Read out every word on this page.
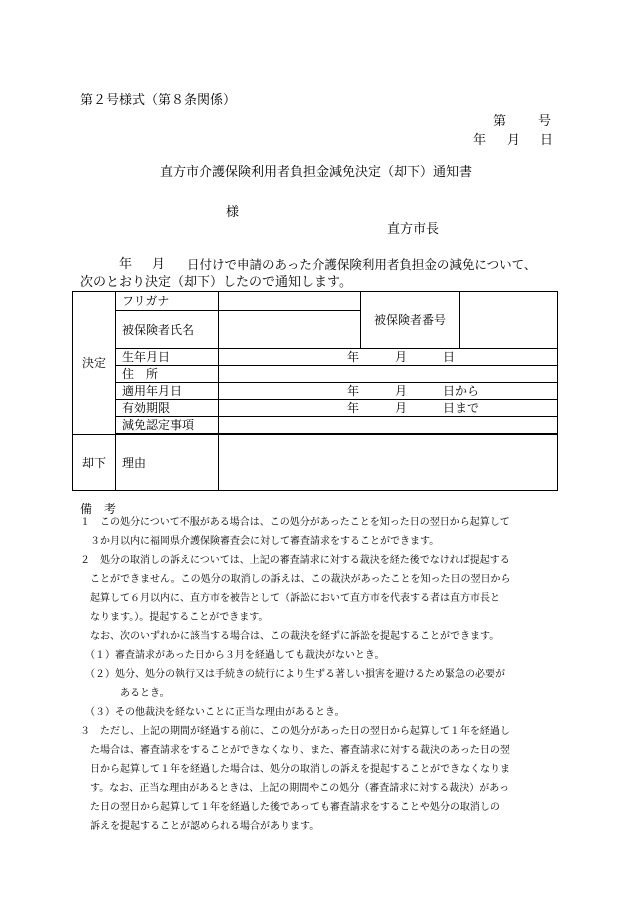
第２号様式（第８条関係）
第 号
年 月 日
直方市介護保険利用者負担金減免決定（却下）通知書
様
直方市長
年 月 日付けで申請のあった介護保険利用者負担金の減免について、
次のとおり決定（却下）したので通知します。
決定	フリガナ		被保険者番号	
	被保険者氏名			
	生年月日	年 月 日		

	住　所			
	適用年月日	年 月 日から		

	有効期限	年 月 日まで		

	減免認定事項			

却下	理由			
備　考
１　この処分について不服がある場合は、この処分があったことを知った日の翌日から起算して
　３か月以内に福岡県介護保険審査会に対して審査請求をすることができます。
２　処分の取消しの訴えについては、上記の審査請求に対する裁決を経た後でなければ提起する
　ことができません。この処分の取消しの訴えは、この裁決があったことを知った日の翌日から
　起算して６月以内に、直方市を被告として（訴訟において直方市を代表する者は直方市長と
　なります。）。提起することができます。
　なお、次のいずれかに該当する場合は、この裁決を経ずに訴訟を提起することができます。
　（１）審査請求があった日から３月を経過しても裁決がないとき。
　（２）処分、処分の執行又は手続きの続行により生ずる著しい損害を避けるため緊急の必要が
　　　　あるとき。
　（３）その他裁決を経ないことに正当な理由があるとき。
３　ただし、上記の期間が経過する前に、この処分があった日の翌日から起算して１年を経過し
　た場合は、審査請求をすることができなくなり、また、審査請求に対する裁決のあった日の翌
　日から起算して１年を経過した場合は、処分の取消しの訴えを提起することができなくなりま
　す。なお、正当な理由があるときは、上記の期間やこの処分（審査請求に対する裁決）があっ
　た日の翌日から起算して１年を経過した後であっても審査請求をすることや処分の取消しの
　訴えを提起することが認められる場合があります。
